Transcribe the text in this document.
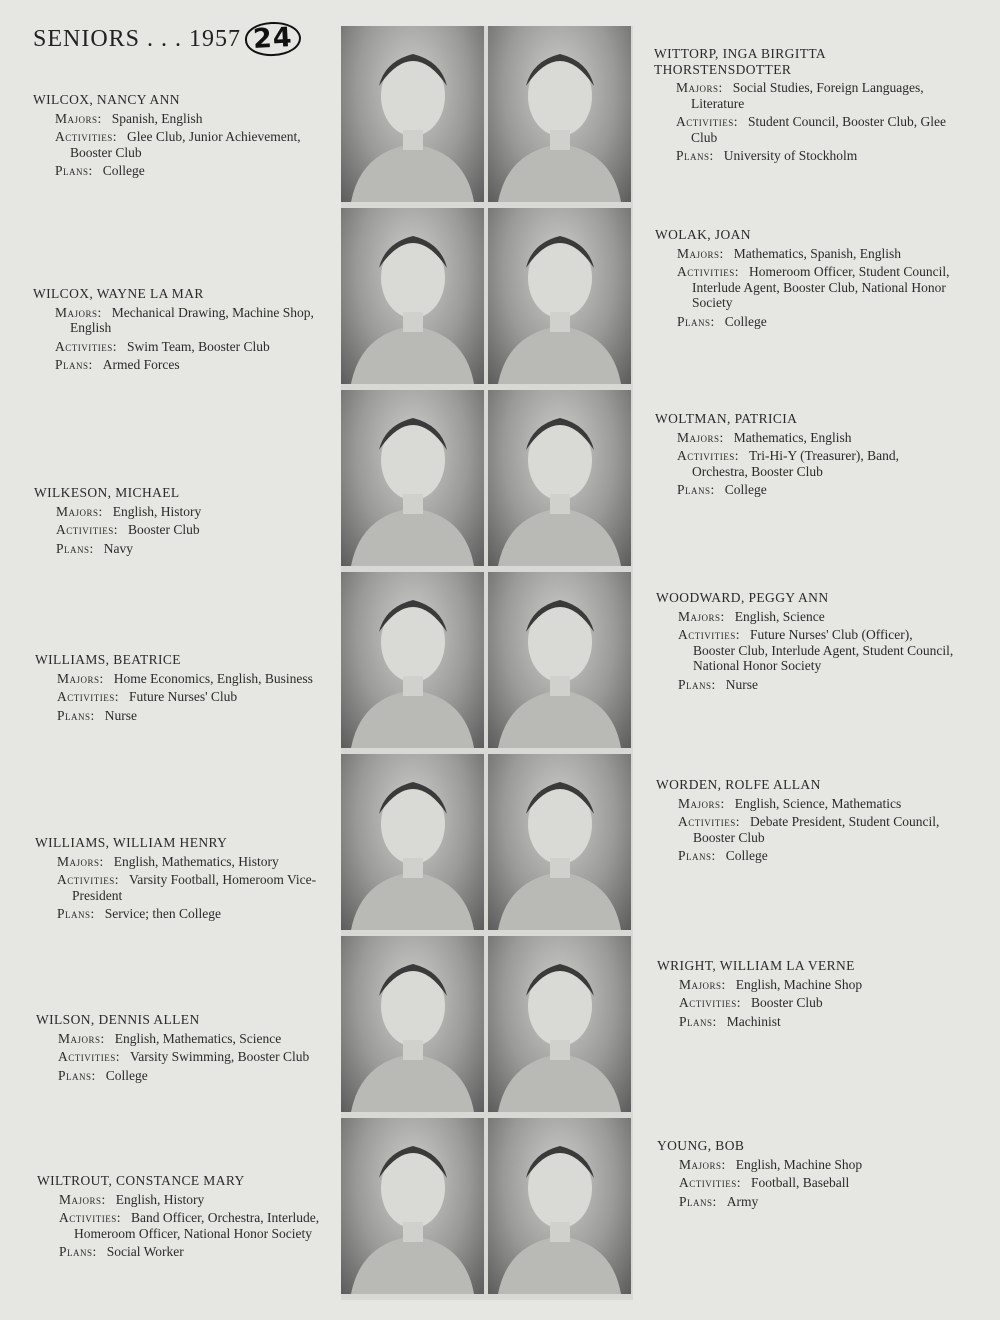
SENIORS . . . 1957 24
WILCOX, NANCY ANN
Majors: Spanish, English
Activities: Glee Club, Junior Achievement, Booster Club
Plans: College
WILCOX, WAYNE LA MAR
Majors: Mechanical Drawing, Machine Shop, English
Activities: Swim Team, Booster Club
Plans: Armed Forces
WILKESON, MICHAEL
Majors: English, History
Activities: Booster Club
Plans: Navy
WILLIAMS, BEATRICE
Majors: Home Economics, English, Business
Activities: Future Nurses' Club
Plans: Nurse
WILLIAMS, WILLIAM HENRY
Majors: English, Mathematics, History
Activities: Varsity Football, Homeroom Vice-President
Plans: Service; then College
WILSON, DENNIS ALLEN
Majors: English, Mathematics, Science
Activities: Varsity Swimming, Booster Club
Plans: College
WILTROUT, CONSTANCE MARY
Majors: English, History
Activities: Band Officer, Orchestra, Interlude, Homeroom Officer, National Honor Society
Plans: Social Worker
WITTORP, INGA BIRGITTA THORSTENSDOTTER
Majors: Social Studies, Foreign Languages, Literature
Activities: Student Council, Booster Club, Glee Club
Plans: University of Stockholm
WOLAK, JOAN
Majors: Mathematics, Spanish, English
Activities: Homeroom Officer, Student Council, Interlude Agent, Booster Club, National Honor Society
Plans: College
WOLTMAN, PATRICIA
Majors: Mathematics, English
Activities: Tri-Hi-Y (Treasurer), Band, Orchestra, Booster Club
Plans: College
WOODWARD, PEGGY ANN
Majors: English, Science
Activities: Future Nurses' Club (Officer), Booster Club, Interlude Agent, Student Council, National Honor Society
Plans: Nurse
WORDEN, ROLFE ALLAN
Majors: English, Science, Mathematics
Activities: Debate President, Student Council, Booster Club
Plans: College
WRIGHT, WILLIAM LA VERNE
Majors: English, Machine Shop
Activities: Booster Club
Plans: Machinist
YOUNG, BOB
Majors: English, Machine Shop
Activities: Football, Baseball
Plans: Army
